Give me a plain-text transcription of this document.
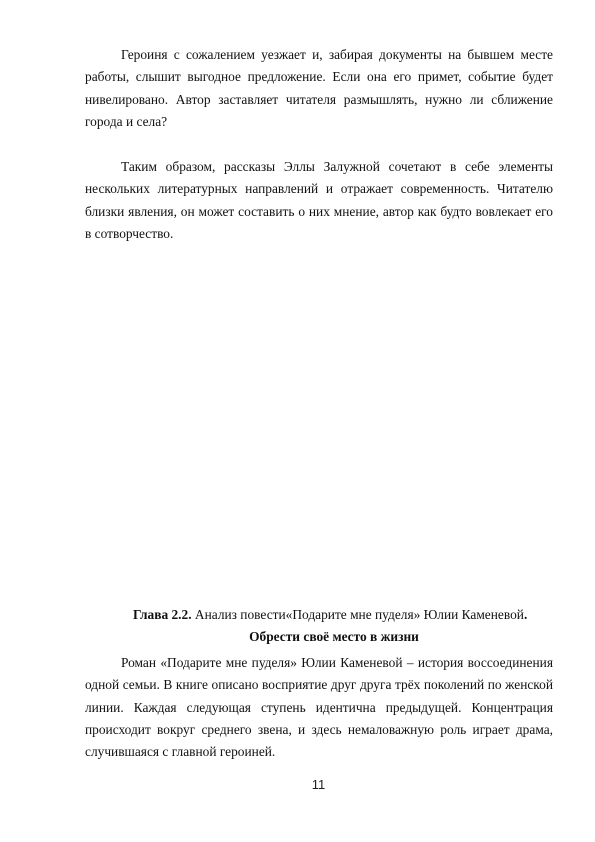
Героиня с сожалением уезжает и, забирая документы на бывшем месте работы, слышит выгодное предложение. Если она его примет, событие будет нивелировано. Автор заставляет читателя размышлять, нужно ли сближение города и села?

Таким образом, рассказы Эллы Залужной сочетают в себе элементы нескольких литературных направлений и отражает современность. Читателю близки явления, он может составить о них мнение, автор как будто вовлекает его в сотворчество.

Глава 2.2. Анализ повести«Подарите мне пуделя» Юлии Каменевой.

Обрести своё место в жизни

Роман «Подарите мне пуделя» Юлии Каменевой – история воссоединения одной семьи. В книге описано восприятие друг друга трёх поколений по женской линии. Каждая следующая ступень идентична предыдущей. Концентрация происходит вокруг среднего звена, и здесь немаловажную роль играет драма, случившаяся с главной героиней.

11
